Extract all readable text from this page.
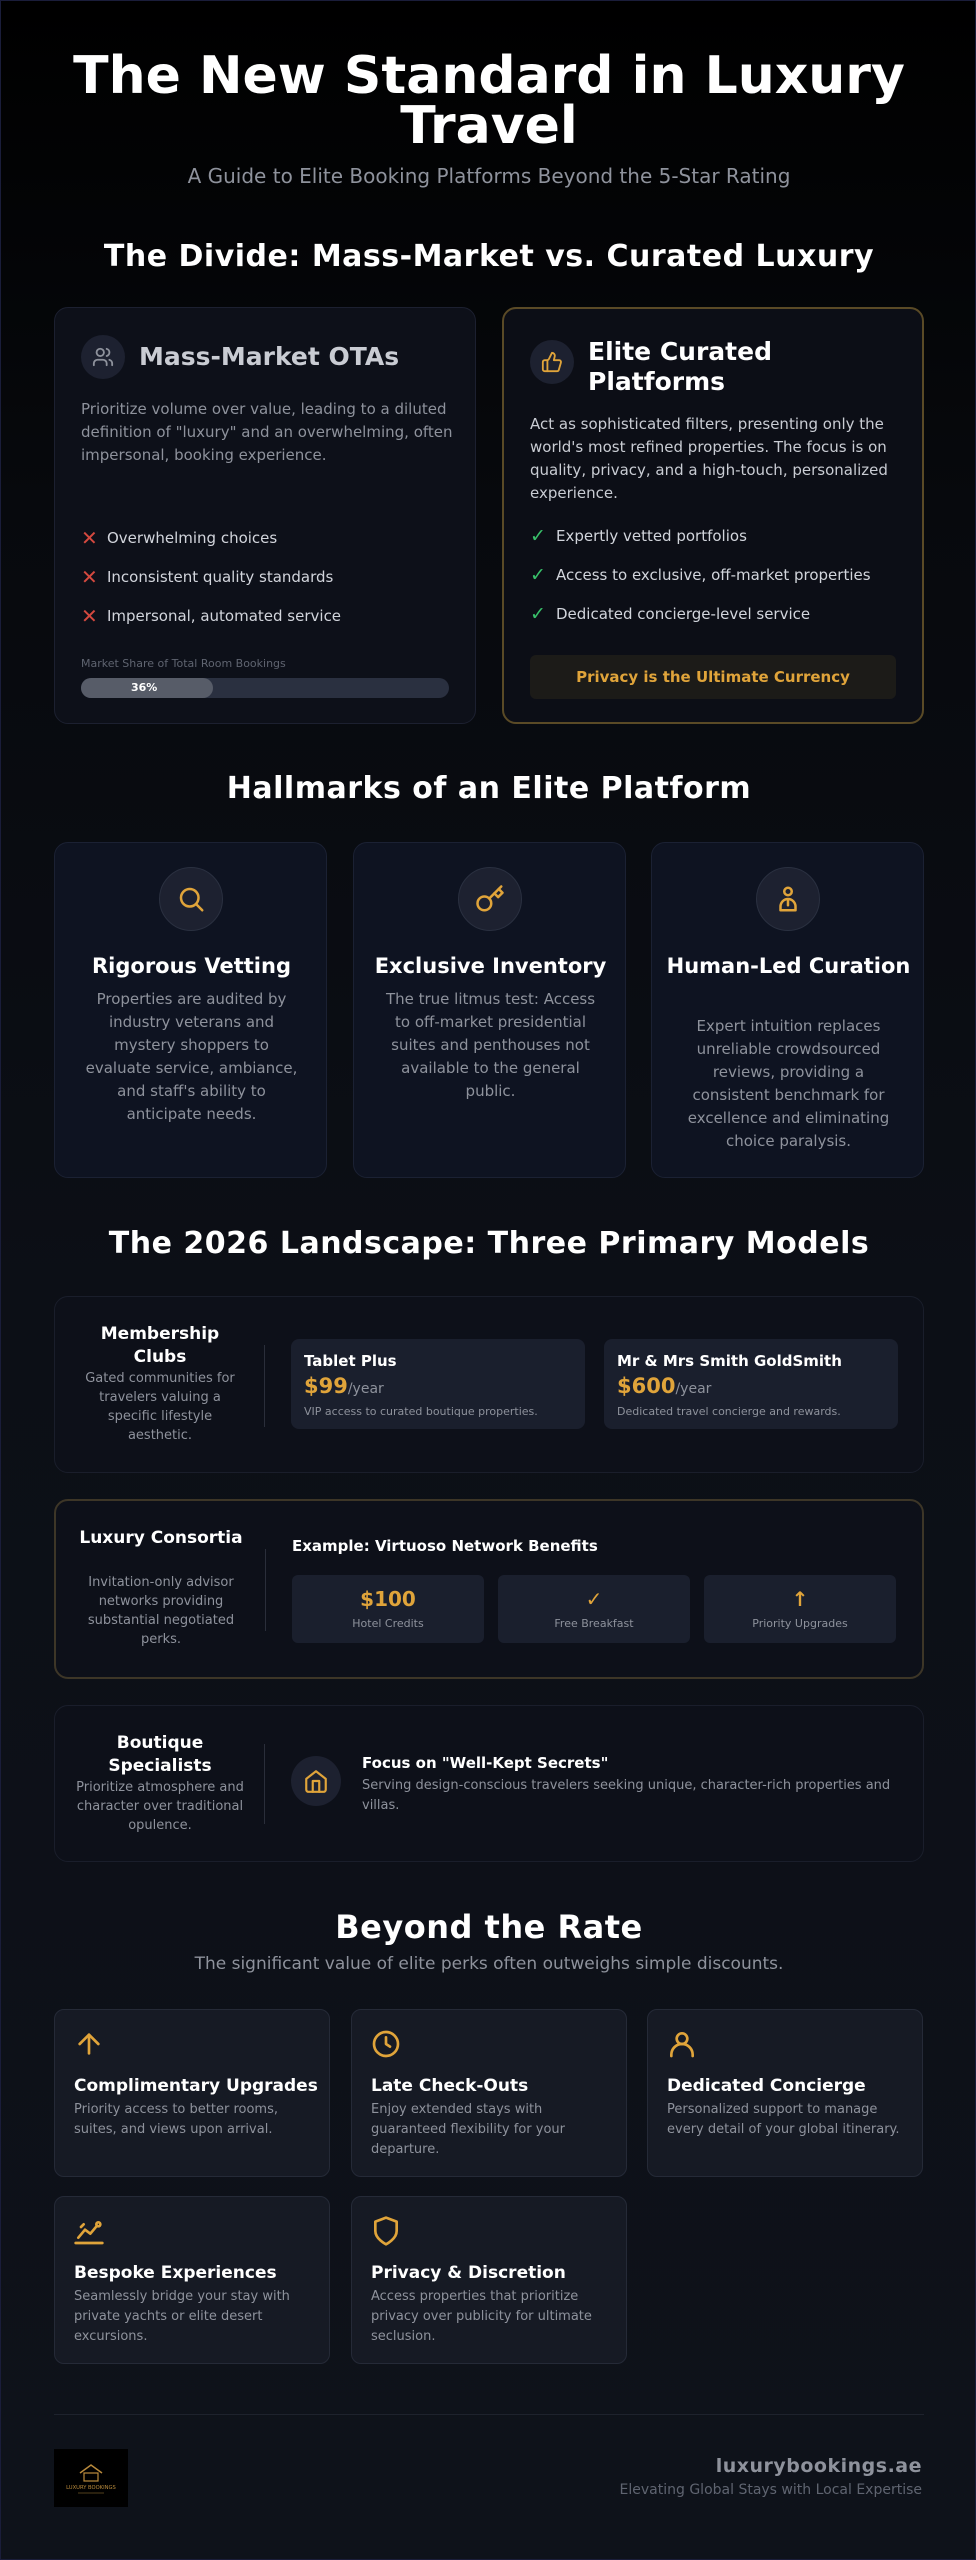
The New Standard in Luxury Travel
A Guide to Elite Booking Platforms Beyond the 5-Star Rating
The Divide: Mass-Market vs. Curated Luxury
Mass-Market OTAs
Prioritize volume over value, leading to a diluted definition of "luxury" and an overwhelming, often impersonal, booking experience.
✕ Overwhelming choices
✕ Inconsistent quality standards
✕ Impersonal, automated service
Market Share of Total Room Bookings
36%
Elite Curated Platforms
Act as sophisticated filters, presenting only the world's most refined properties. The focus is on quality, privacy, and a high-touch, personalized experience.
✓ Expertly vetted portfolios
✓ Access to exclusive, off-market properties
✓ Dedicated concierge-level service
Privacy is the Ultimate Currency
Hallmarks of an Elite Platform
Rigorous Vetting
Properties are audited by industry veterans and mystery shoppers to evaluate service, ambiance, and staff's ability to anticipate needs.
Exclusive Inventory
The true litmus test: Access to off-market presidential suites and penthouses not available to the general public.
Human-Led Curation
Expert intuition replaces unreliable crowdsourced reviews, providing a consistent benchmark for excellence and eliminating choice paralysis.
The 2026 Landscape: Three Primary Models
Membership Clubs
Gated communities for travelers valuing a specific lifestyle aesthetic.
Tablet Plus
$99/year
VIP access to curated boutique properties.
Mr & Mrs Smith GoldSmith
$600/year
Dedicated travel concierge and rewards.
Luxury Consortia
Invitation-only advisor networks providing substantial negotiated perks.
Example: Virtuoso Network Benefits
$100
Hotel Credits
✓
Free Breakfast
↑
Priority Upgrades
Boutique Specialists
Prioritize atmosphere and character over traditional opulence.
Focus on "Well-Kept Secrets"
Serving design-conscious travelers seeking unique, character-rich properties and villas.
Beyond the Rate
The significant value of elite perks often outweighs simple discounts.
Complimentary Upgrades
Priority access to better rooms, suites, and views upon arrival.
Late Check-Outs
Enjoy extended stays with guaranteed flexibility for your departure.
Dedicated Concierge
Personalized support to manage every detail of your global itinerary.
Bespoke Experiences
Seamlessly bridge your stay with private yachts or elite desert excursions.
Privacy & Discretion
Access properties that prioritize privacy over publicity for ultimate seclusion.
LUXURY BOOKINGS
luxurybookings.ae
Elevating Global Stays with Local Expertise
